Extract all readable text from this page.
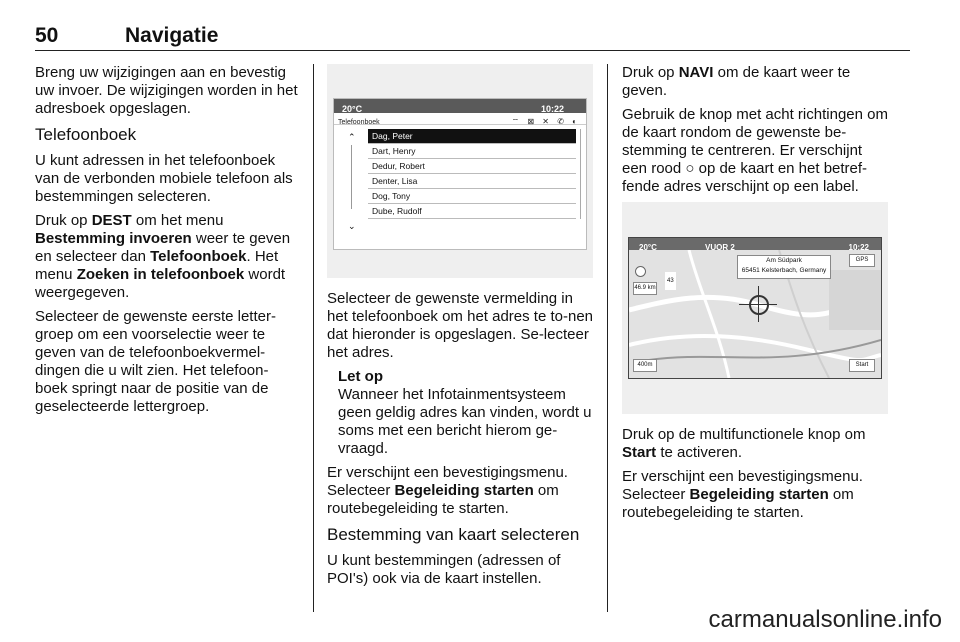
50	Navigatie

Breng uw wijzigingen aan en bevestig uw invoer. De wijzigingen worden in het adresboek opgeslagen.

Telefoonboek

U kunt adressen in het telefoonboek van de verbonden mobiele telefoon als bestemmingen selecteren.

Druk op DEST om het menu Bestemming invoeren weer te geven en selecteer dan Telefoonboek. Het menu Zoeken in telefoonboek wordt weergegeven.

Selecteer de gewenste eerste letter-groep om een voorselectie weer te geven van de telefoonboekvermel-dingen die u wilt zien. Het telefoon-boek springt naar de positie van de geselecteerde lettergroep.

20°C	10:22
Telefoonboek	⌔ ⊠ ✕ ✆ ◐
⌃
⌄
Dag, Peter
Dart, Henry
Dedur, Robert
Denter, Lisa
Dog, Tony
Dube, Rudolf

Selecteer de gewenste vermelding in het telefoonboek om het adres te to-nen dat hieronder is opgeslagen. Se-lecteer het adres.

Let op

Wanneer het Infotainmentsysteem geen geldig adres kan vinden, wordt u soms met een bericht hierom ge-vraagd.

Er verschijnt een bevestigingsmenu. Selecteer Begeleiding starten om routebegeleiding te starten.

Bestemming van kaart selecteren

U kunt bestemmingen (adressen of POI's) ook via de kaart instellen.

Druk op NAVI om de kaart weer te geven.

Gebruik de knop met acht richtingen om de kaart rondom de gewenste be-stemming te centreren. Er verschijnt een rood ○ op de kaart en het betref-fende adres verschijnt op een label.

20°C	VUOR 2	10:22
Am Südpark
65451 Kelsterbach, Germany
GPS
Start
46.9 km
400m
43

Druk op de multifunctionele knop om Start te activeren.

Er verschijnt een bevestigingsmenu. Selecteer Begeleiding starten om routebegeleiding te starten.

carmanualsonline.info
